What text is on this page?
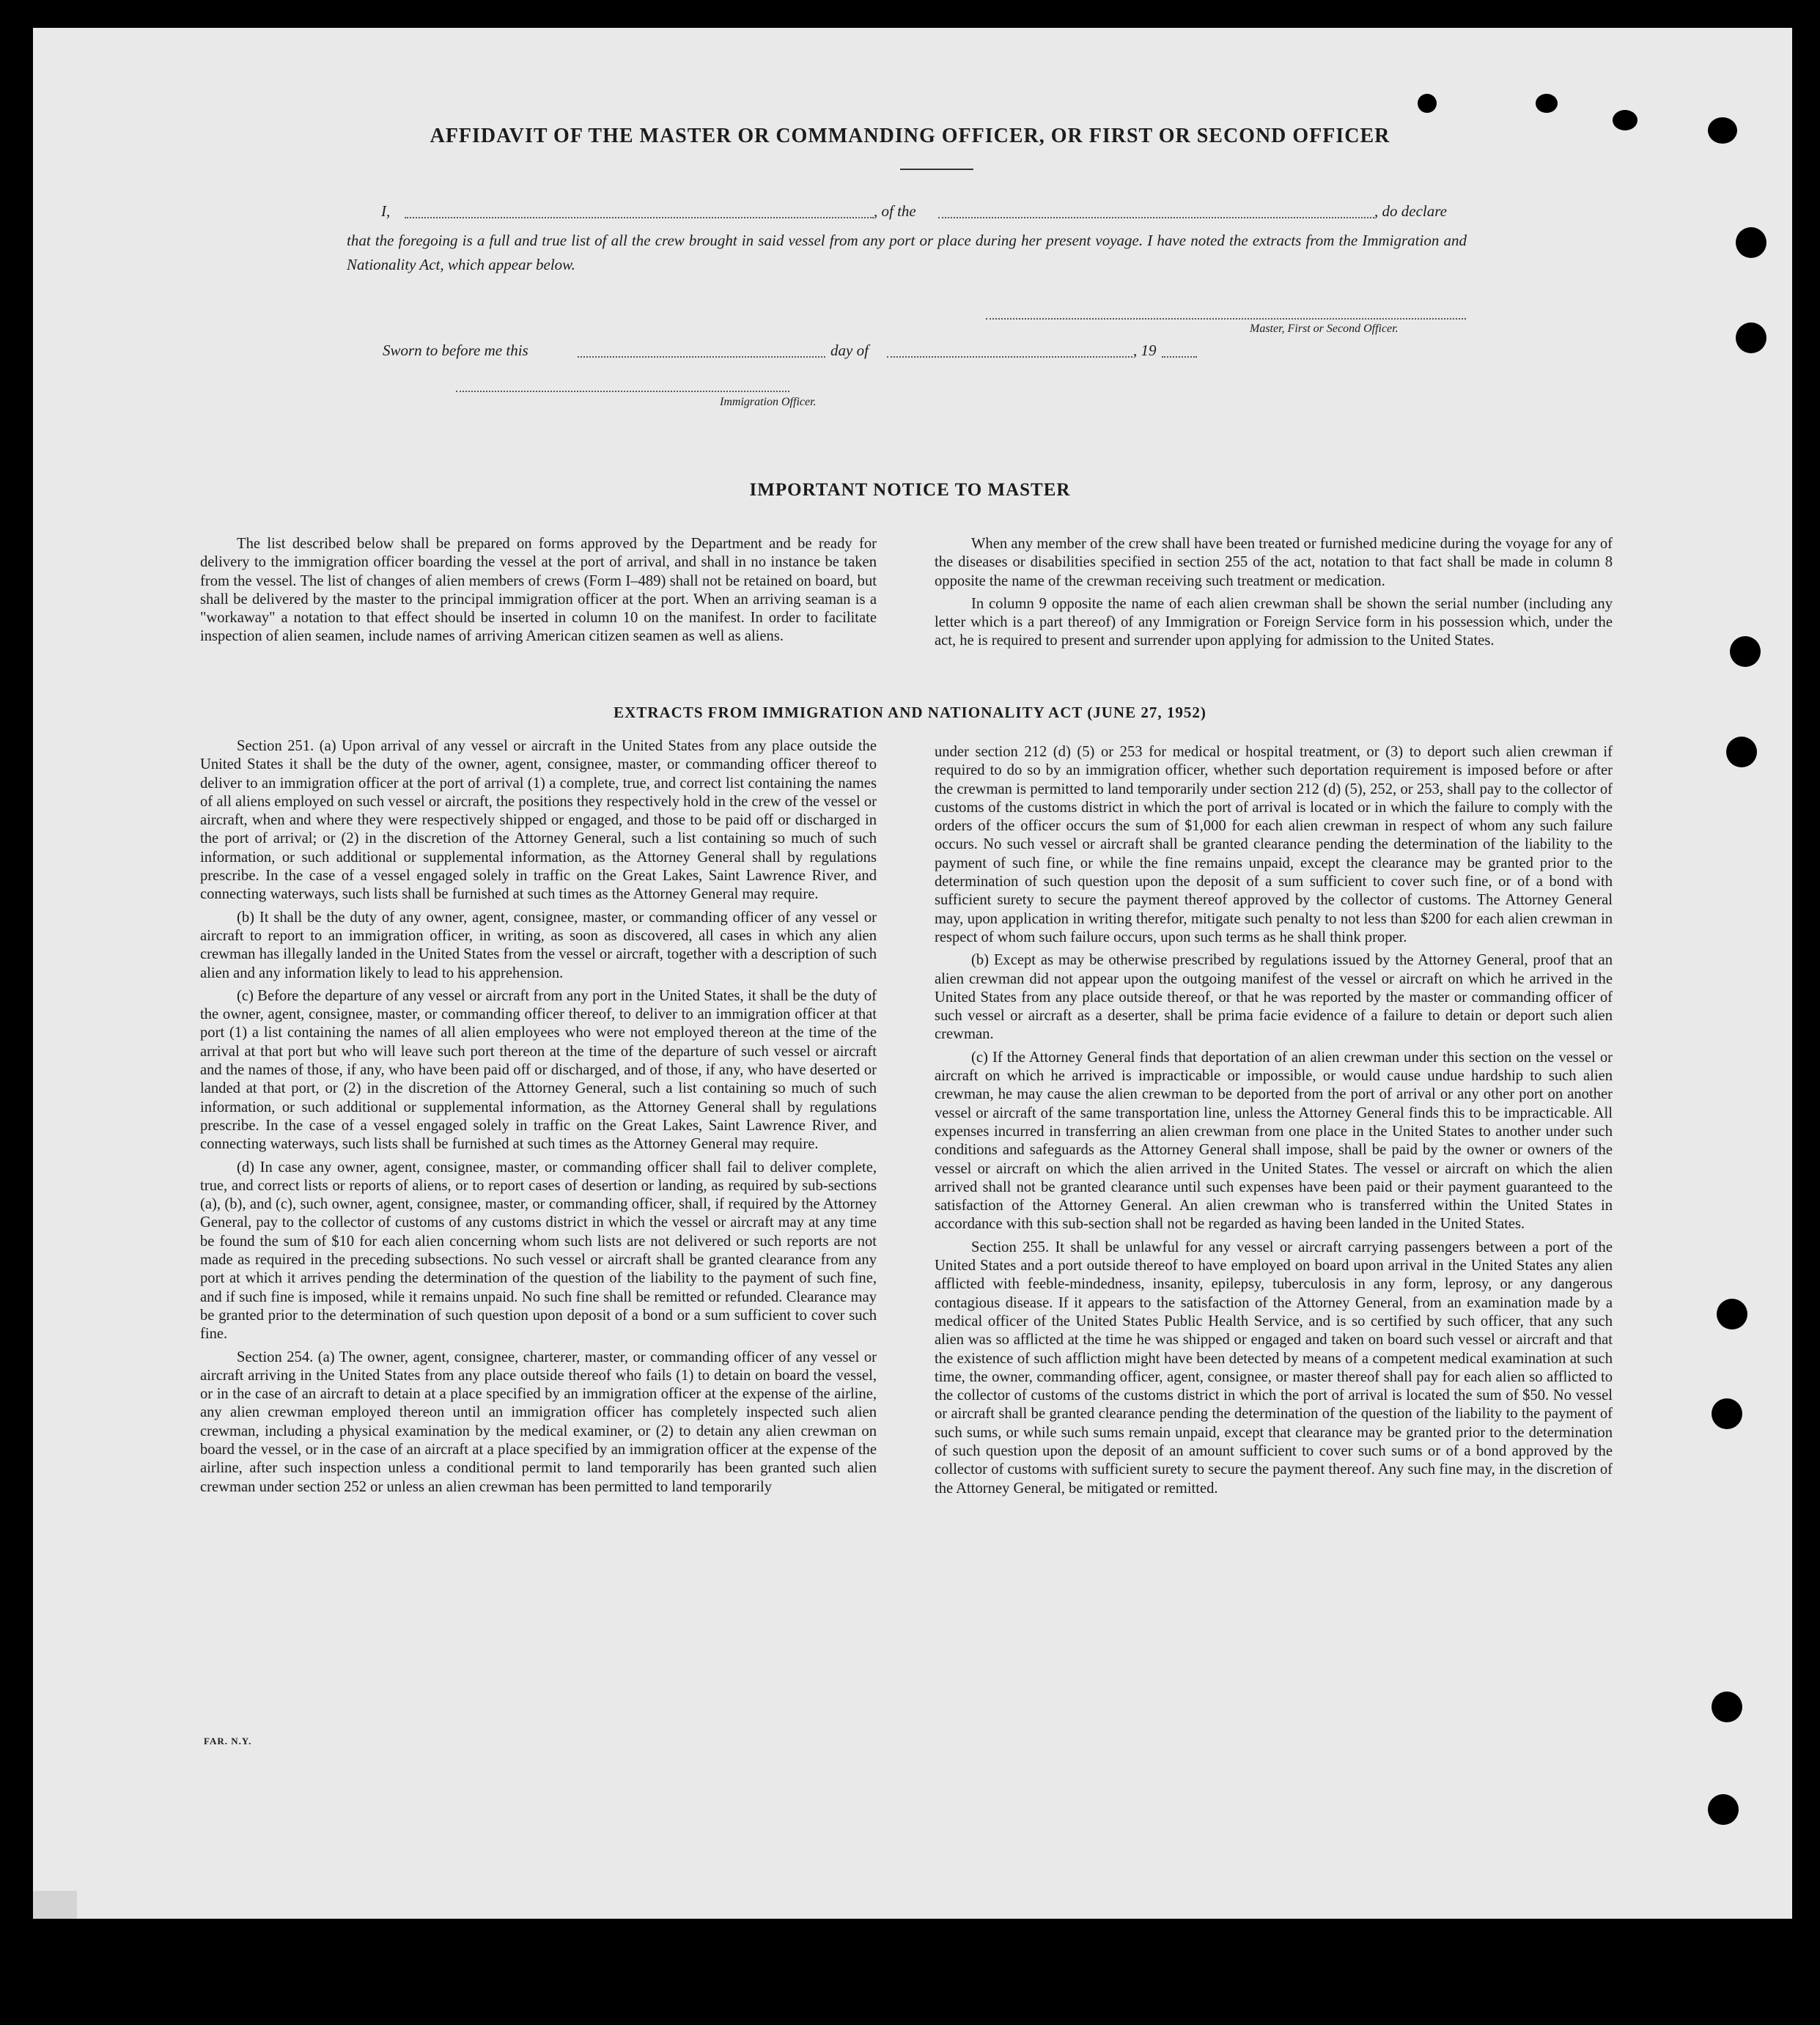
AFFIDAVIT OF THE MASTER OR COMMANDING OFFICER, OR FIRST OR SECOND OFFICER
I,	, of the	, do declare
that the foregoing is a full and true list of all the crew brought in said vessel from any port or place during her present voyage. I have noted the extracts from the Immigration and Nationality Act, which appear below.
Master, First or Second Officer.
Sworn to before me this	day of	, 19
Immigration Officer.
IMPORTANT NOTICE TO MASTER

The list described below shall be prepared on forms approved by the Department and be ready for delivery to the immigration officer boarding the vessel at the port of arrival, and shall in no instance be taken from the vessel. The list of changes of alien members of crews (Form I–489) shall not be retained on board, but shall be delivered by the master to the principal immigration officer at the port. When an arriving seaman is a "workaway" a notation to that effect should be inserted in column 10 on the manifest. In order to facilitate inspection of alien seamen, include names of arriving American citizen seamen as well as aliens.

When any member of the crew shall have been treated or furnished medicine during the voyage for any of the diseases or disabilities specified in section 255 of the act, notation to that fact shall be made in column 8 opposite the name of the crewman receiving such treatment or medication.

In column 9 opposite the name of each alien crewman shall be shown the serial number (including any letter which is a part thereof) of any Immigration or Foreign Service form in his possession which, under the act, he is required to present and surrender upon applying for admission to the United States.

EXTRACTS FROM IMMIGRATION AND NATIONALITY ACT (JUNE 27, 1952)

Section 251. (a) Upon arrival of any vessel or aircraft in the United States from any place outside the United States it shall be the duty of the owner, agent, consignee, master, or commanding officer thereof to deliver to an immigration officer at the port of arrival (1) a complete, true, and correct list containing the names of all aliens employed on such vessel or aircraft, the positions they respectively hold in the crew of the vessel or aircraft, when and where they were respectively shipped or engaged, and those to be paid off or discharged in the port of arrival; or (2) in the discretion of the Attorney General, such a list containing so much of such information, or such additional or supplemental information, as the Attorney General shall by regulations prescribe. In the case of a vessel engaged solely in traffic on the Great Lakes, Saint Lawrence River, and connecting waterways, such lists shall be furnished at such times as the Attorney General may require.

(b) It shall be the duty of any owner, agent, consignee, master, or commanding officer of any vessel or aircraft to report to an immigration officer, in writing, as soon as discovered, all cases in which any alien crewman has illegally landed in the United States from the vessel or aircraft, together with a description of such alien and any information likely to lead to his apprehension.

(c) Before the departure of any vessel or aircraft from any port in the United States, it shall be the duty of the owner, agent, consignee, master, or commanding officer thereof, to deliver to an immigration officer at that port (1) a list containing the names of all alien employees who were not employed thereon at the time of the arrival at that port but who will leave such port thereon at the time of the departure of such vessel or aircraft and the names of those, if any, who have been paid off or discharged, and of those, if any, who have deserted or landed at that port, or (2) in the discretion of the Attorney General, such a list containing so much of such information, or such additional or supplemental information, as the Attorney General shall by regulations prescribe. In the case of a vessel engaged solely in traffic on the Great Lakes, Saint Lawrence River, and connecting waterways, such lists shall be furnished at such times as the Attorney General may require.

(d) In case any owner, agent, consignee, master, or commanding officer shall fail to deliver complete, true, and correct lists or reports of aliens, or to report cases of desertion or landing, as required by sub-sections (a), (b), and (c), such owner, agent, consignee, master, or commanding officer, shall, if required by the Attorney General, pay to the collector of customs of any customs district in which the vessel or aircraft may at any time be found the sum of $10 for each alien concerning whom such lists are not delivered or such reports are not made as required in the preceding subsections. No such vessel or aircraft shall be granted clearance from any port at which it arrives pending the determination of the question of the liability to the payment of such fine, and if such fine is imposed, while it remains unpaid. No such fine shall be remitted or refunded. Clearance may be granted prior to the determination of such question upon deposit of a bond or a sum sufficient to cover such fine.

Section 254. (a) The owner, agent, consignee, charterer, master, or commanding officer of any vessel or aircraft arriving in the United States from any place outside thereof who fails (1) to detain on board the vessel, or in the case of an aircraft to detain at a place specified by an immigration officer at the expense of the airline, any alien crewman employed thereon until an immigration officer has completely inspected such alien crewman, including a physical examination by the medical examiner, or (2) to detain any alien crewman on board the vessel, or in the case of an aircraft at a place specified by an immigration officer at the expense of the airline, after such inspection unless a conditional permit to land temporarily has been granted such alien crewman under section 252 or unless an alien crewman has been permitted to land temporarily

under section 212 (d) (5) or 253 for medical or hospital treatment, or (3) to deport such alien crewman if required to do so by an immigration officer, whether such deportation requirement is imposed before or after the crewman is permitted to land temporarily under section 212 (d) (5), 252, or 253, shall pay to the collector of customs of the customs district in which the port of arrival is located or in which the failure to comply with the orders of the officer occurs the sum of $1,000 for each alien crewman in respect of whom any such failure occurs. No such vessel or aircraft shall be granted clearance pending the determination of the liability to the payment of such fine, or while the fine remains unpaid, except the clearance may be granted prior to the determination of such question upon the deposit of a sum sufficient to cover such fine, or of a bond with sufficient surety to secure the payment thereof approved by the collector of customs. The Attorney General may, upon application in writing therefor, mitigate such penalty to not less than $200 for each alien crewman in respect of whom such failure occurs, upon such terms as he shall think proper.

(b) Except as may be otherwise prescribed by regulations issued by the Attorney General, proof that an alien crewman did not appear upon the outgoing manifest of the vessel or aircraft on which he arrived in the United States from any place outside thereof, or that he was reported by the master or commanding officer of such vessel or aircraft as a deserter, shall be prima facie evidence of a failure to detain or deport such alien crewman.

(c) If the Attorney General finds that deportation of an alien crewman under this section on the vessel or aircraft on which he arrived is impracticable or impossible, or would cause undue hardship to such alien crewman, he may cause the alien crewman to be deported from the port of arrival or any other port on another vessel or aircraft of the same transportation line, unless the Attorney General finds this to be impracticable. All expenses incurred in transferring an alien crewman from one place in the United States to another under such conditions and safeguards as the Attorney General shall impose, shall be paid by the owner or owners of the vessel or aircraft on which the alien arrived in the United States. The vessel or aircraft on which the alien arrived shall not be granted clearance until such expenses have been paid or their payment guaranteed to the satisfaction of the Attorney General. An alien crewman who is transferred within the United States in accordance with this sub-section shall not be regarded as having been landed in the United States.

Section 255. It shall be unlawful for any vessel or aircraft carrying passengers between a port of the United States and a port outside thereof to have employed on board upon arrival in the United States any alien afflicted with feeble-mindedness, insanity, epilepsy, tuberculosis in any form, leprosy, or any dangerous contagious disease. If it appears to the satisfaction of the Attorney General, from an examination made by a medical officer of the United States Public Health Service, and is so certified by such officer, that any such alien was so afflicted at the time he was shipped or engaged and taken on board such vessel or aircraft and that the existence of such affliction might have been detected by means of a competent medical examination at such time, the owner, commanding officer, agent, consignee, or master thereof shall pay for each alien so afflicted to the collector of customs of the customs district in which the port of arrival is located the sum of $50. No vessel or aircraft shall be granted clearance pending the determination of the question of the liability to the payment of such sums, or while such sums remain unpaid, except that clearance may be granted prior to the determination of such question upon the deposit of an amount sufficient to cover such sums or of a bond approved by the collector of customs with sufficient surety to secure the payment thereof. Any such fine may, in the discretion of the Attorney General, be mitigated or remitted.

FAR. N.Y.
